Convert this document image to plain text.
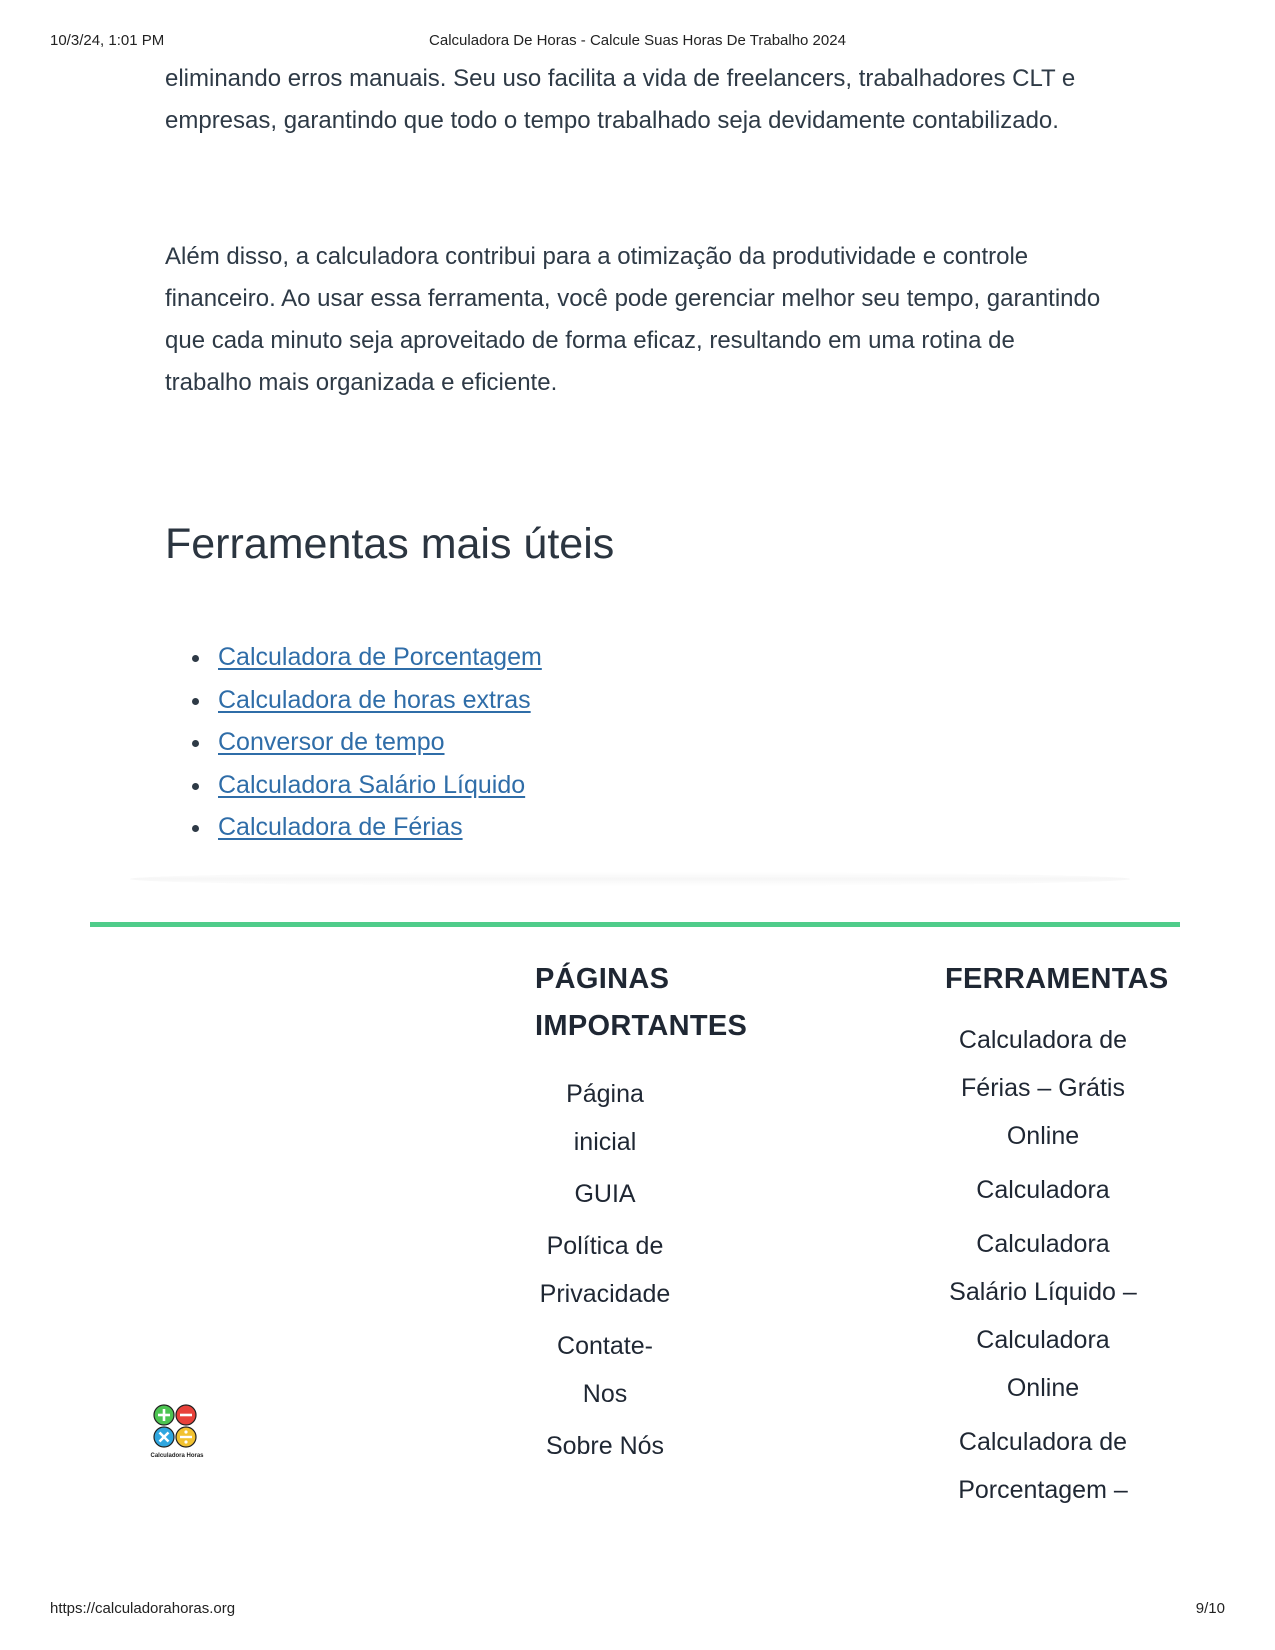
10/3/24, 1:01 PM	Calculadora De Horas - Calcule Suas Horas De Trabalho 2024

eliminando erros manuais. Seu uso facilita a vida de freelancers, trabalhadores CLT e empresas, garantindo que todo o tempo trabalhado seja devidamente contabilizado.

Além disso, a calculadora contribui para a otimização da produtividade e controle financeiro. Ao usar essa ferramenta, você pode gerenciar melhor seu tempo, garantindo que cada minuto seja aproveitado de forma eficaz, resultando em uma rotina de trabalho mais organizada e eficiente.

Ferramentas mais úteis
Calculadora de Porcentagem
Calculadora de horas extras
Conversor de tempo
Calculadora Salário Líquido
Calculadora de Férias
Calculadora Horas
PÁGINAS IMPORTANTES
Página inicial
GUIA
Política de Privacidade
Contate-Nos
Sobre Nós
FERRAMENTAS
Calculadora de Férias – Grátis Online
Calculadora
Calculadora Salário Líquido – Calculadora Online
Calculadora de Porcentagem –
https://calculadorahoras.org	9/10
